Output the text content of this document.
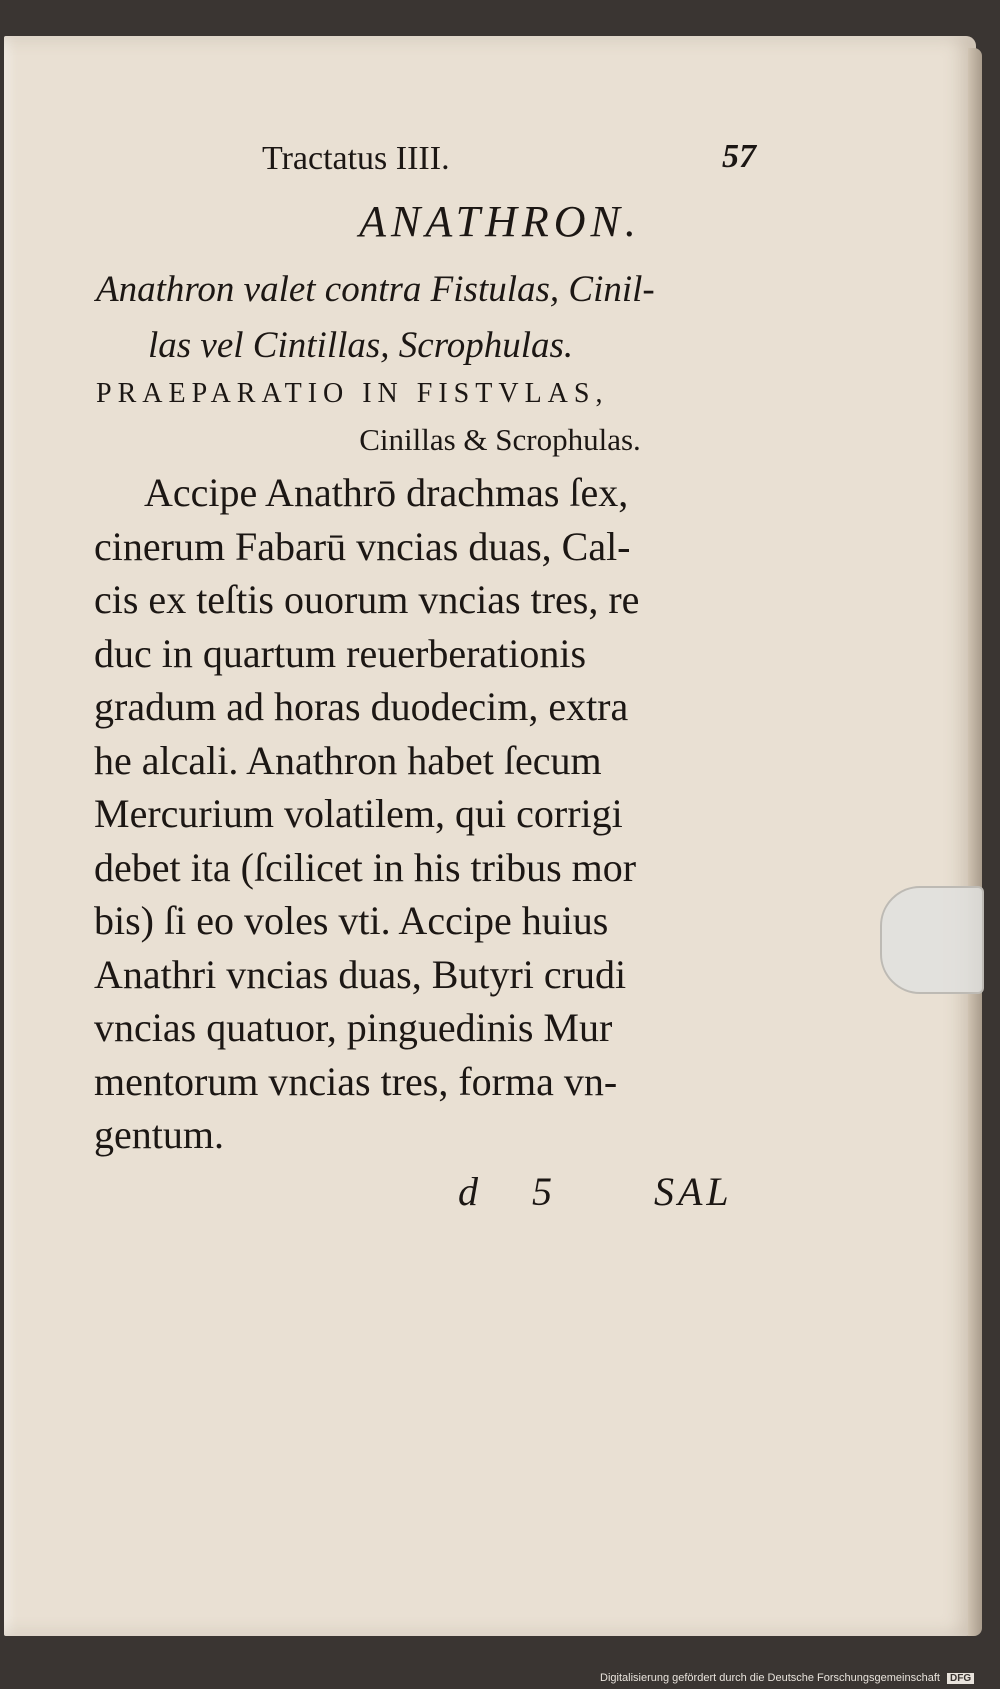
Tractatus IIII.	57
ANATHRON.
Anathron valet contra Fistulas, Cinil-
las vel Cintillas, Scrophulas.
PRAEPARATIO IN FISTVLAS,
Cinillas & Scrophulas.
Accipe Anathrō drachmas ſex,
cinerum Fabarū vncias duas, Cal-
cis ex teſtis ouorum vncias tres, re
duc in quartum reuerberationis
gradum ad horas duodecim, extra
he alcali. Anathron habet ſecum
Mercurium volatilem, qui corrigi
debet ita (ſcilicet in his tribus mor
bis) ſi eo voles vti. Accipe huius
Anathri vncias duas, Butyri crudi
vncias quatuor, pinguedinis Mur
mentorum vncias tres, forma vn-
gentum.
d 5	SAL
Digitalisierung gefördert durch die Deutsche Forschungsgemeinschaft DFG
